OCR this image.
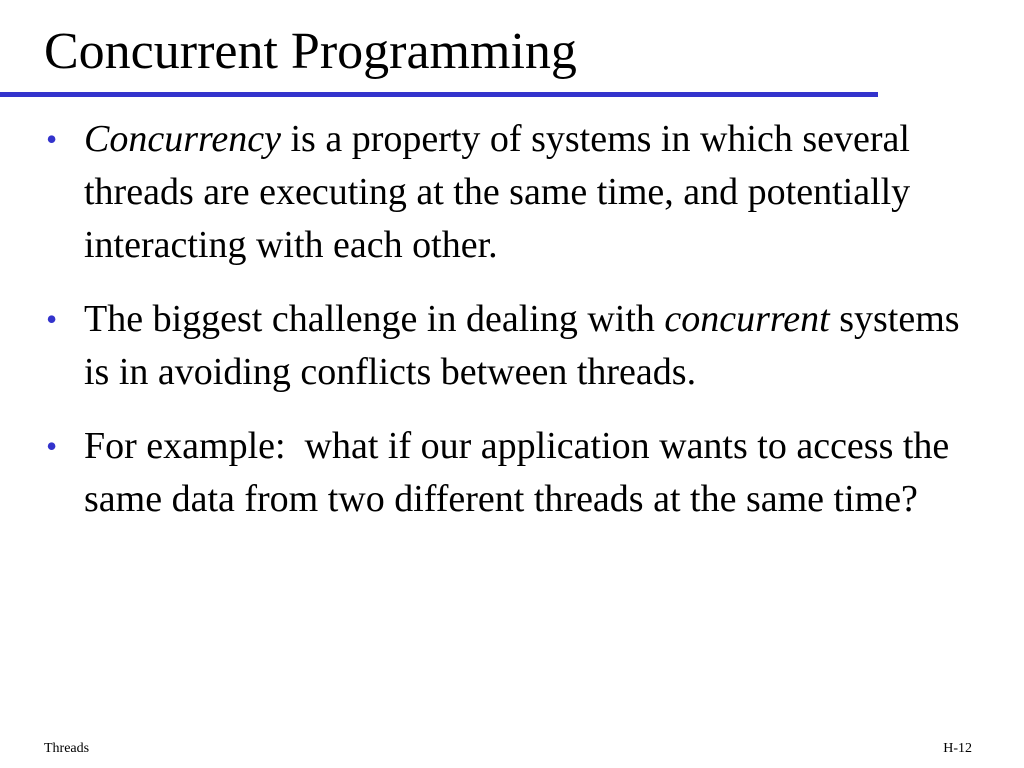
Concurrent Programming
• Concurrency is a property of systems in which several threads are executing at the same time, and potentially interacting with each other.
• The biggest challenge in dealing with concurrent systems is in avoiding conflicts between threads.
• For example:  what if our application wants to access the same data from two different threads at the same time?
Threads	H-12
